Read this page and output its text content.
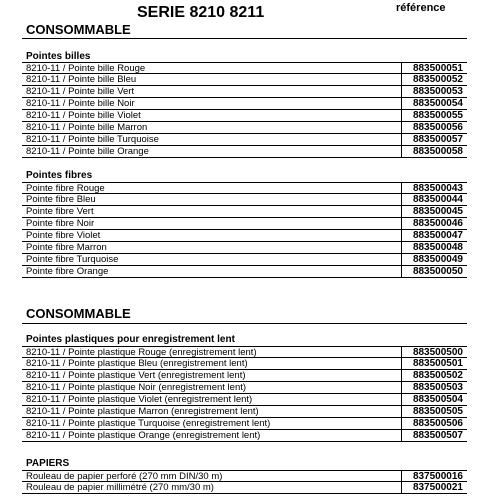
SERIE 8210 8211	référence
CONSOMMABLE
Pointes billes
8210-11 / Pointe bille Rouge	883500051
8210-11 / Pointe bille Bleu	883500052
8210-11 / Pointe bille Vert	883500053
8210-11 / Pointe bille Noir	883500054
8210-11 / Pointe bille Violet	883500055
8210-11 / Pointe bille Marron	883500056
8210-11 / Pointe bille Turquoise	883500057
8210-11 / Pointe bille Orange	883500058
Pointes fibres
Pointe fibre Rouge	883500043
Pointe fibre Bleu	883500044
Pointe fibre Vert	883500045
Pointe fibre Noir	883500046
Pointe fibre Violet	883500047
Pointe fibre Marron	883500048
Pointe fibre Turquoise	883500049
Pointe fibre Orange	883500050
CONSOMMABLE
Pointes plastiques pour enregistrement lent
8210-11 / Pointe plastique Rouge (enregistrement lent)	883500500
8210-11 / Pointe plastique Bleu (enregistrement lent)	883500501
8210-11 / Pointe plastique Vert (enregistrement lent)	883500502
8210-11 / Pointe plastique Noir (enregistrement lent)	883500503
8210-11 / Pointe plastique Violet (enregistrement lent)	883500504
8210-11 / Pointe plastique Marron (enregistrement lent)	883500505
8210-11 / Pointe plastique Turquoise (enregistrement lent)	883500506
8210-11 / Pointe plastique Orange (enregistrement lent)	883500507
PAPIERS
Rouleau de papier perforé (270 mm DIN/30 m)	837500016
Rouleau de papier millimétré (270 mm/30 m)	837500021
